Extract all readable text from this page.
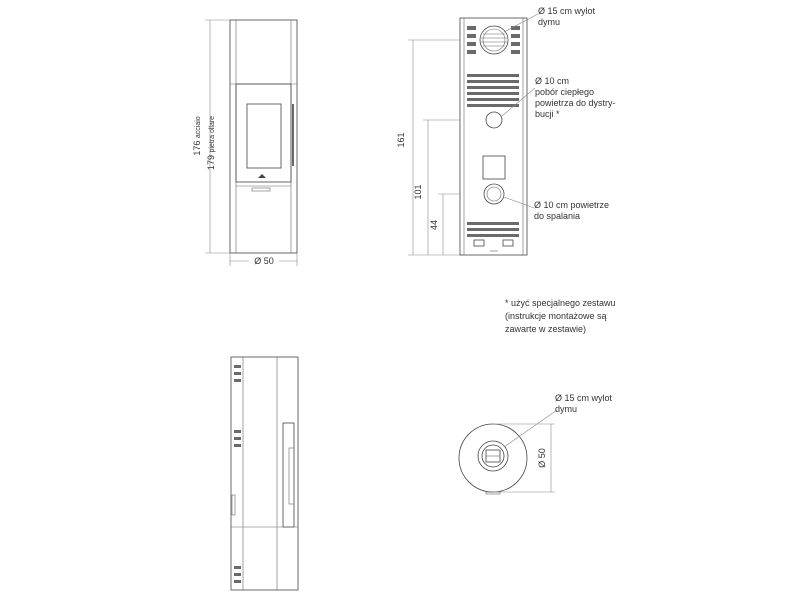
Ø 50
176 acciaio
179 pietra ollare	161
101
44
Ø 15 cm wylot
dymu
Ø 10 cm
pobór ciepłego
powietrza do dystry-
bucji *
Ø 10 cm powietrze
do spalania
* użyć specjalnego zestawu
(instrukcje montażowe są
zawarte w zestawie)
Ø 15 cm wylot
dymu
Ø 50
